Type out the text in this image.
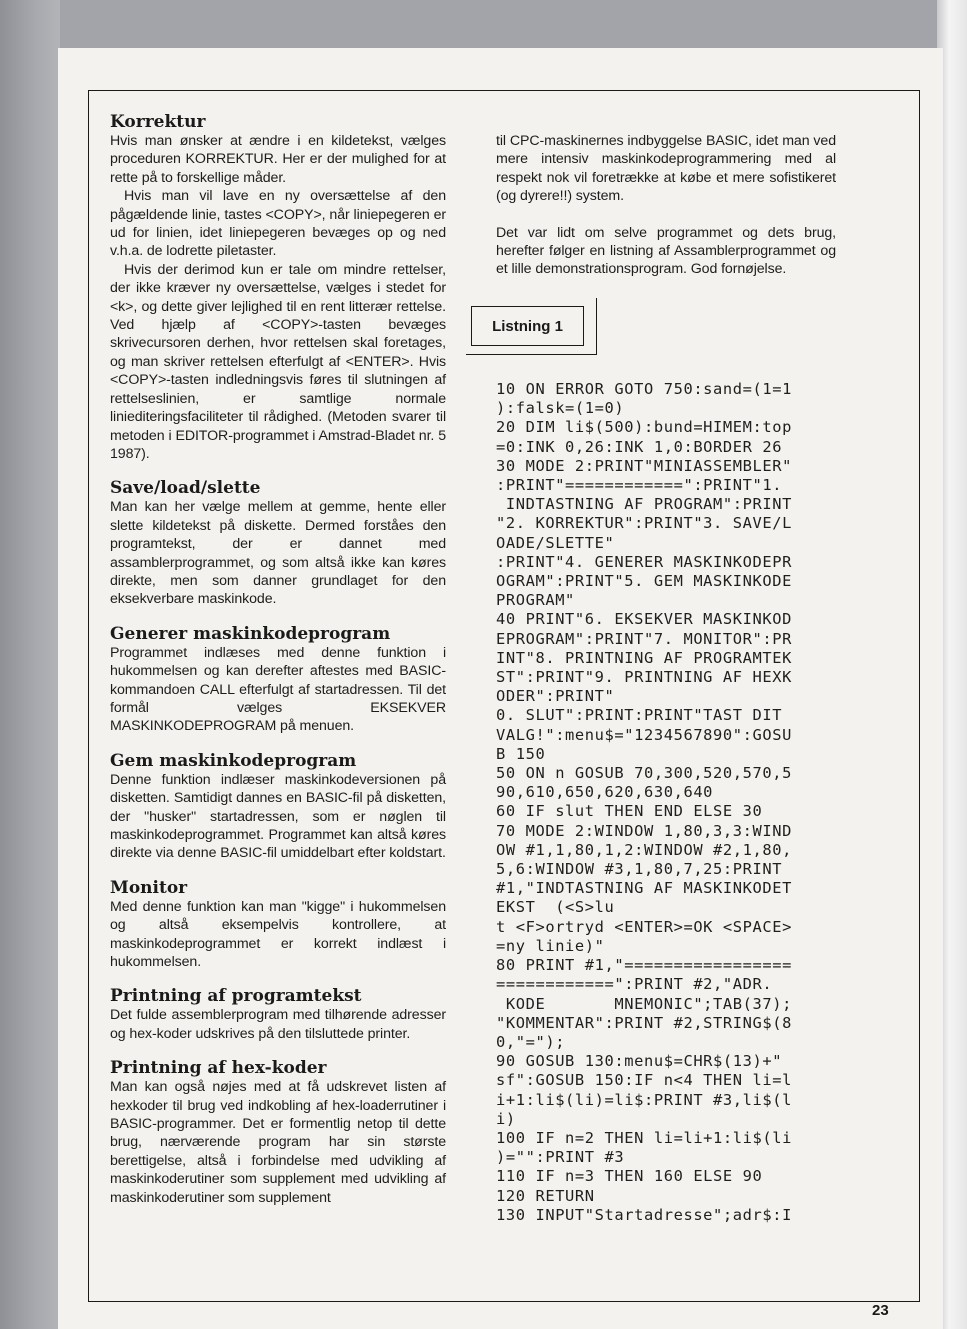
Korrektur

Hvis man ønsker at ændre i en kildetekst, vælges proceduren KORREKTUR. Her er der mulighed for at rette på to forskellige måder.

Hvis man vil lave en ny oversættelse af den pågældende linie, tastes <COPY>, når liniepegeren er ud for linien, idet liniepegeren bevæges op og ned v.h.a. de lodrette piletaster.

Hvis der derimod kun er tale om mindre rettelser, der ikke kræver ny oversættelse, vælges i stedet for <k>, og dette giver lejlighed til en rent litterær rettelse. Ved hjælp af <COPY>-tasten bevæges skrivecursoren derhen, hvor rettelsen skal foretages, og man skriver rettelsen efterfulgt af <ENTER>. Hvis <COPY>-tasten indledningsvis føres til slutningen af rettelseslinien, er samtlige normale liniediteringsfaciliteter til rådighed. (Metoden svarer til metoden i EDITOR-programmet i Amstrad-Bladet nr. 5 1987).

Save/load/slette

Man kan her vælge mellem at gemme, hente eller slette kildetekst på diskette. Dermed forståes den programtekst, der er dannet med assamblerprogrammet, og som altså ikke kan køres direkte, men som danner grundlaget for den eksekverbare maskinkode.

Generer maskinkodeprogram

Programmet indlæses med denne funktion i hukommelsen og kan derefter aftestes med BASIC-kommandoen CALL efterfulgt af startadressen. Til det formål vælges EKSEKVER MASKINKODEPROGRAM på menuen.

Gem maskinkodeprogram

Denne funktion indlæser maskinkodeversionen på disketten. Samtidigt dannes en BASIC-fil på disketten, der "husker" startadressen, som er nøglen til maskinkodeprogrammet. Programmet kan altså køres direkte via denne BASIC-fil umiddelbart efter koldstart.

Monitor

Med denne funktion kan man "kigge" i hukommelsen og altså eksempelvis kontrollere, at maskinkodeprogrammet er korrekt indlæst i hukommelsen.

Printning af programtekst

Det fulde assemblerprogram med tilhørende adresser og hex-koder udskrives på den tilsluttede printer.

Printning af hex-koder

Man kan også nøjes med at få udskrevet listen af hexkoder til brug ved indkobling af hex-loaderrutiner i BASIC-programmer. Det er formentlig netop til dette brug, nærværende program har sin største berettigelse, altså i forbindelse med udvikling af maskinkoderutiner som supplement med udvikling af maskinkoderutiner som supplement

til CPC-maskinernes indbyggelse BASIC, idet man ved mere intensiv maskinkodeprogrammering med al respekt nok vil foretrække at købe et mere sofistikeret (og dyrere!!) system.

Det var lidt om selve programmet og dets brug, herefter følger en listning af Assamblerprogrammet og et lille demonstrationsprogram. God fornøjelse.

Listning 1
10 ON ERROR GOTO 750:sand=(1=1
):falsk=(1=0)
20 DIM li$(500):bund=HIMEM:top
=0:INK 0,26:INK 1,0:BORDER 26
30 MODE 2:PRINT"MINIASSEMBLER"
:PRINT"============":PRINT"1.
INDTASTNING AF PROGRAM":PRINT
"2. KORREKTUR":PRINT"3. SAVE/L
OADE/SLETTE"
:PRINT"4. GENERER MASKINKODEPR
OGRAM":PRINT"5. GEM MASKINKODE
PROGRAM"
40 PRINT"6. EKSEKVER MASKINKOD
EPROGRAM":PRINT"7. MONITOR":PR
INT"8. PRINTNING AF PROGRAMTEK
ST":PRINT"9. PRINTNING AF HEXK
ODER":PRINT"
0. SLUT":PRINT:PRINT"TAST DIT
VALG!":menu$="1234567890":GOSU
B 150
50 ON n GOSUB 70,300,520,570,5
90,610,650,620,630,640
60 IF slut THEN END ELSE 30
70 MODE 2:WINDOW 1,80,3,3:WIND
OW #1,1,80,1,2:WINDOW #2,1,80,
5,6:WINDOW #3,1,80,7,25:PRINT
#1,"INDTASTNING AF MASKINKODET
EKST  (<S>lu
t <F>ortryd <ENTER>=OK <SPACE>
=ny linie)"
80 PRINT #1,"=================
============":PRINT #2,"ADR.
KODE       MNEMONIC";TAB(37);
"KOMMENTAR":PRINT #2,STRING$(8
0,"=");
90 GOSUB 130:menu$=CHR$(13)+"
sf":GOSUB 150:IF n<4 THEN li=l
i+1:li$(li)=li$:PRINT #3,li$(l
i)
100 IF n=2 THEN li=li+1:li$(li
)="":PRINT #3
110 IF n=3 THEN 160 ELSE 90
120 RETURN
130 INPUT"Startadresse";adr$:I
23
